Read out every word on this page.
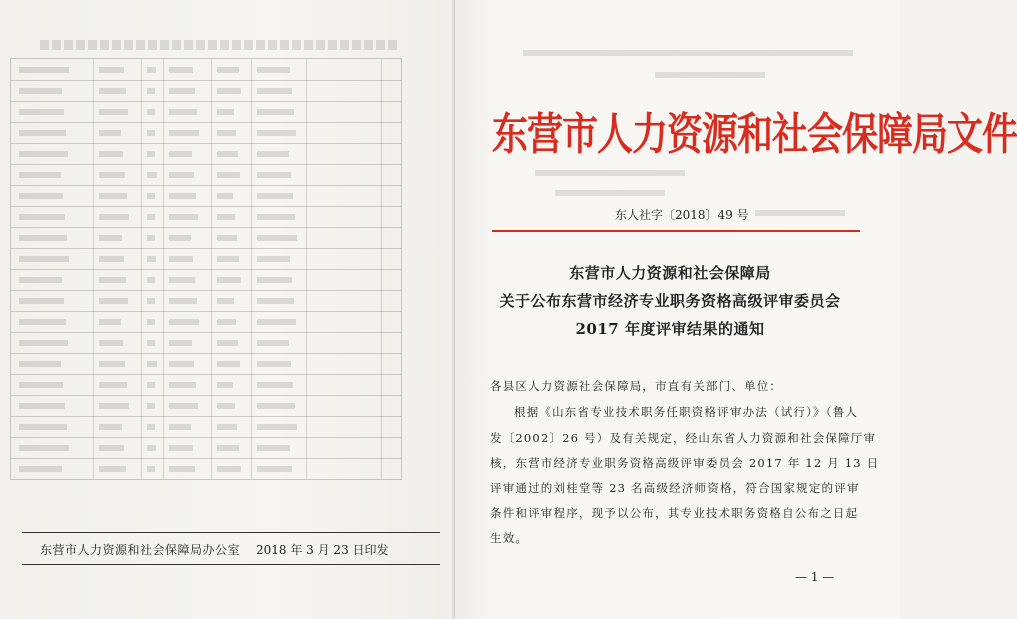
东营市人力资源和社会保障局办公室 2018 年 3 月 23 日印发
东营市人力资源和社会保障局文件
东人社字〔2018〕49 号
东营市人力资源和社会保障局
关于公布东营市经济专业职务资格高级评审委员会
2017 年度评审结果的通知
各县区人力资源社会保障局，市直有关部门、单位：
根据《山东省专业技术职务任职资格评审办法（试行）》（鲁人
发〔2002〕26 号）及有关规定，经山东省人力资源和社会保障厅审
核，东营市经济专业职务资格高级评审委员会 2017 年 12 月 13 日
评审通过的刘桂堂等 23 名高级经济师资格，符合国家规定的评审
条件和评审程序，现予以公布，其专业技术职务资格自公布之日起
生效。
— 1 —
